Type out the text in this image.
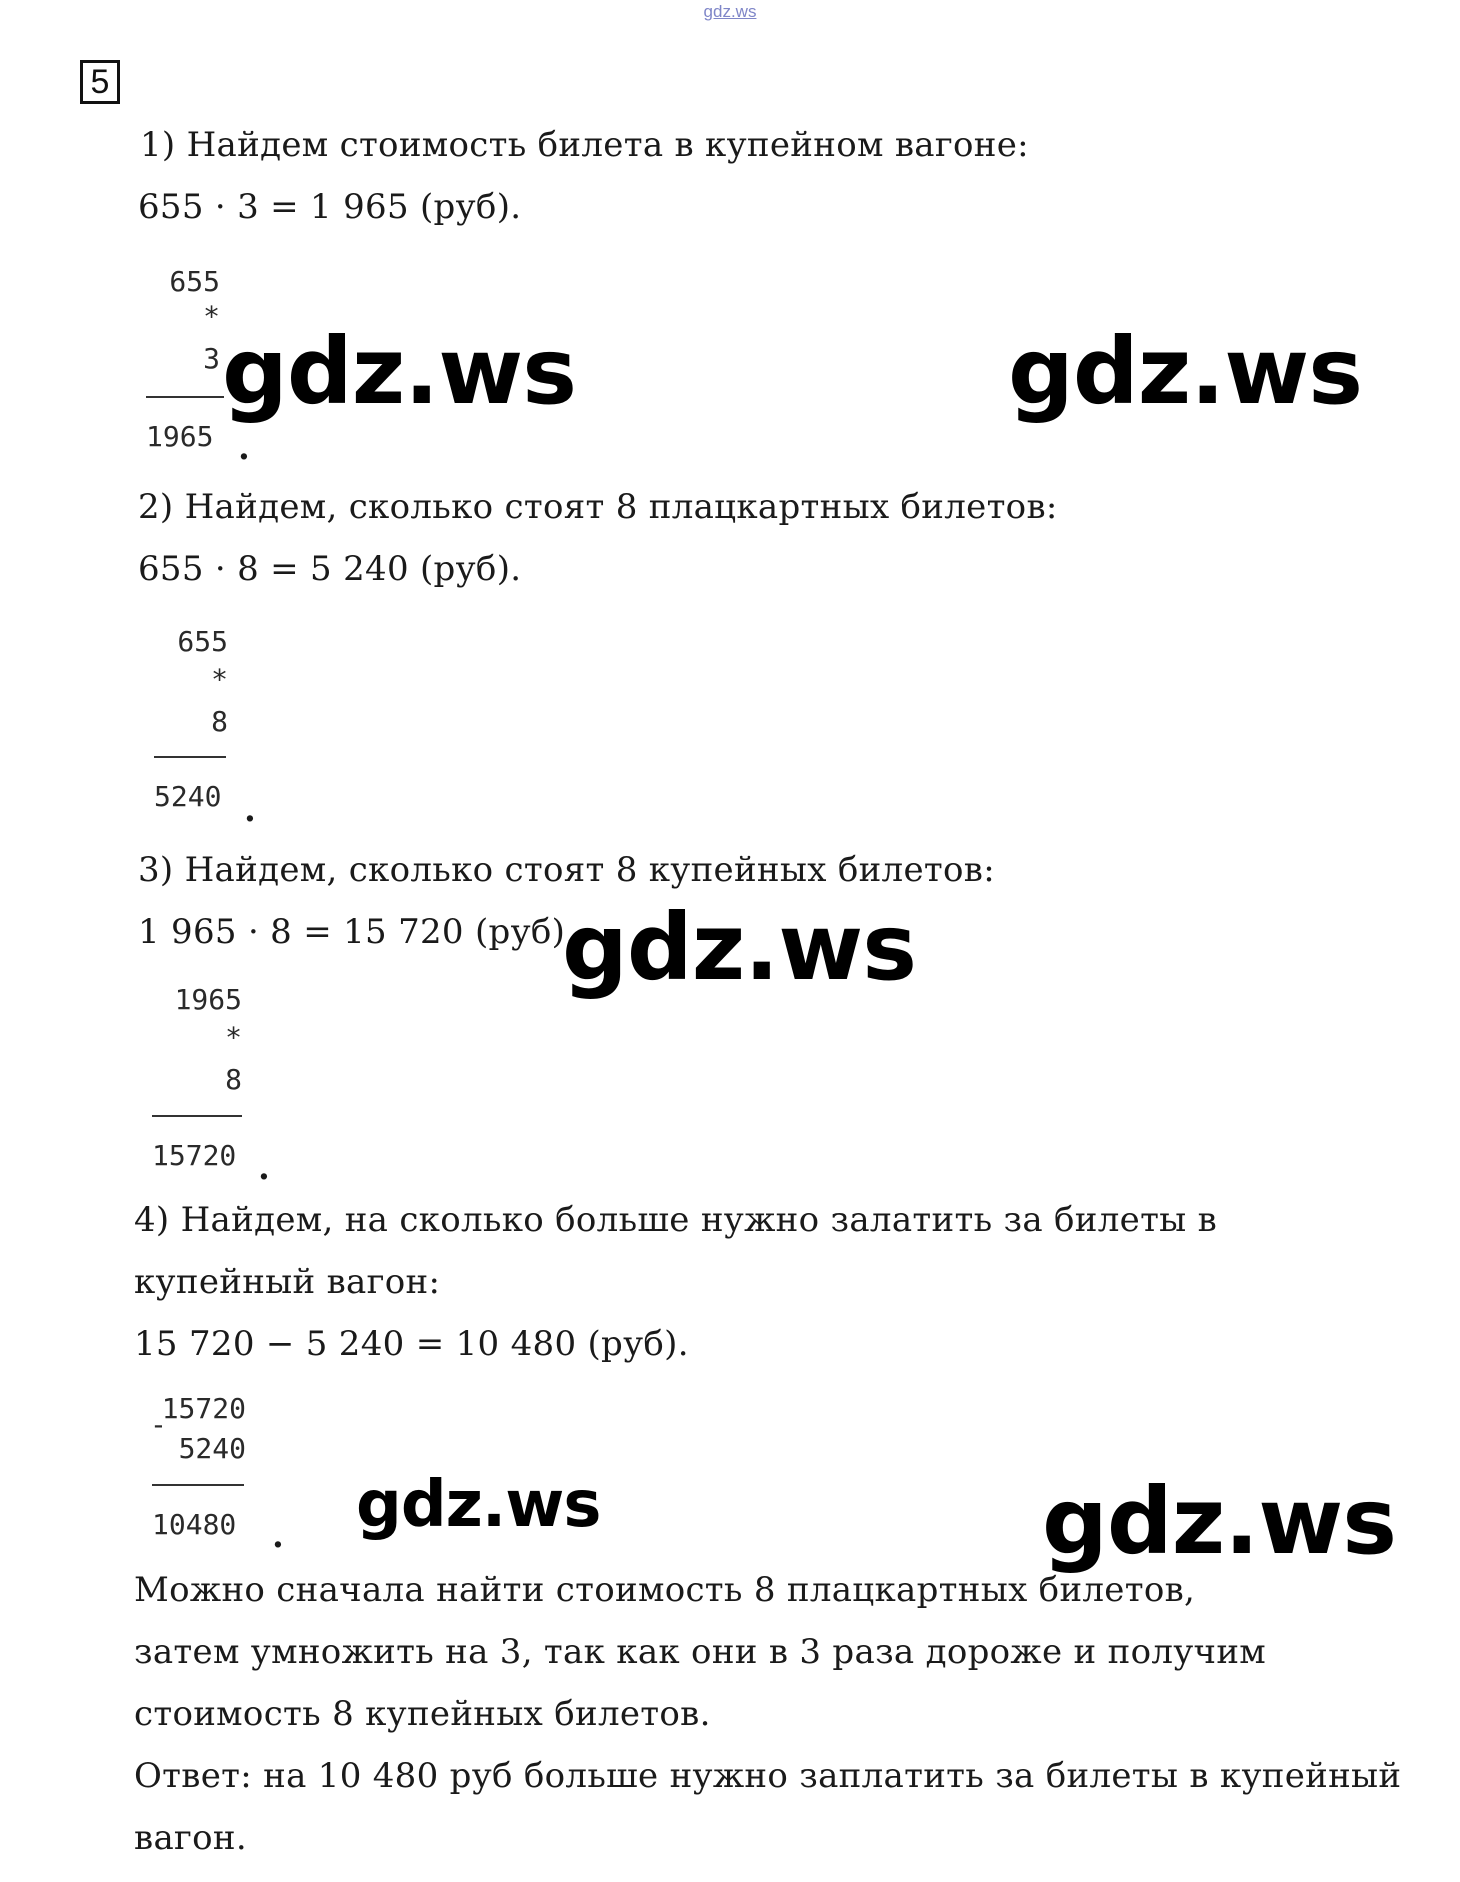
gdz.ws
5
1) Найдем стоимость билета в купейном вагоне:
655 · 3 = 1 965 (руб).
655
*
3
1965 .
2) Найдем, сколько стоят 8 плацкартных билетов:
655 · 8 = 5 240 (руб).
655
*
8
5240 .
3) Найдем, сколько стоят 8 купейных билетов:
1 965 · 8 = 15 720 (руб).
1965
*
8
15720 .
4) Найдем, на сколько больше нужно залатить за билеты в
купейный вагон:
15 720 − 5 240 = 10 480 (руб).
15720
-
5240
10480 .
Можно сначала найти стоимость 8 плацкартных билетов,
затем умножить на 3, так как они в 3 раза дороже и получим
стоимость 8 купейных билетов.
Ответ: на 10 480 руб больше нужно заплатить за билеты в купейный
вагон.
gdz.ws	gdz.ws
gdz.ws
gdz.ws	gdz.ws
